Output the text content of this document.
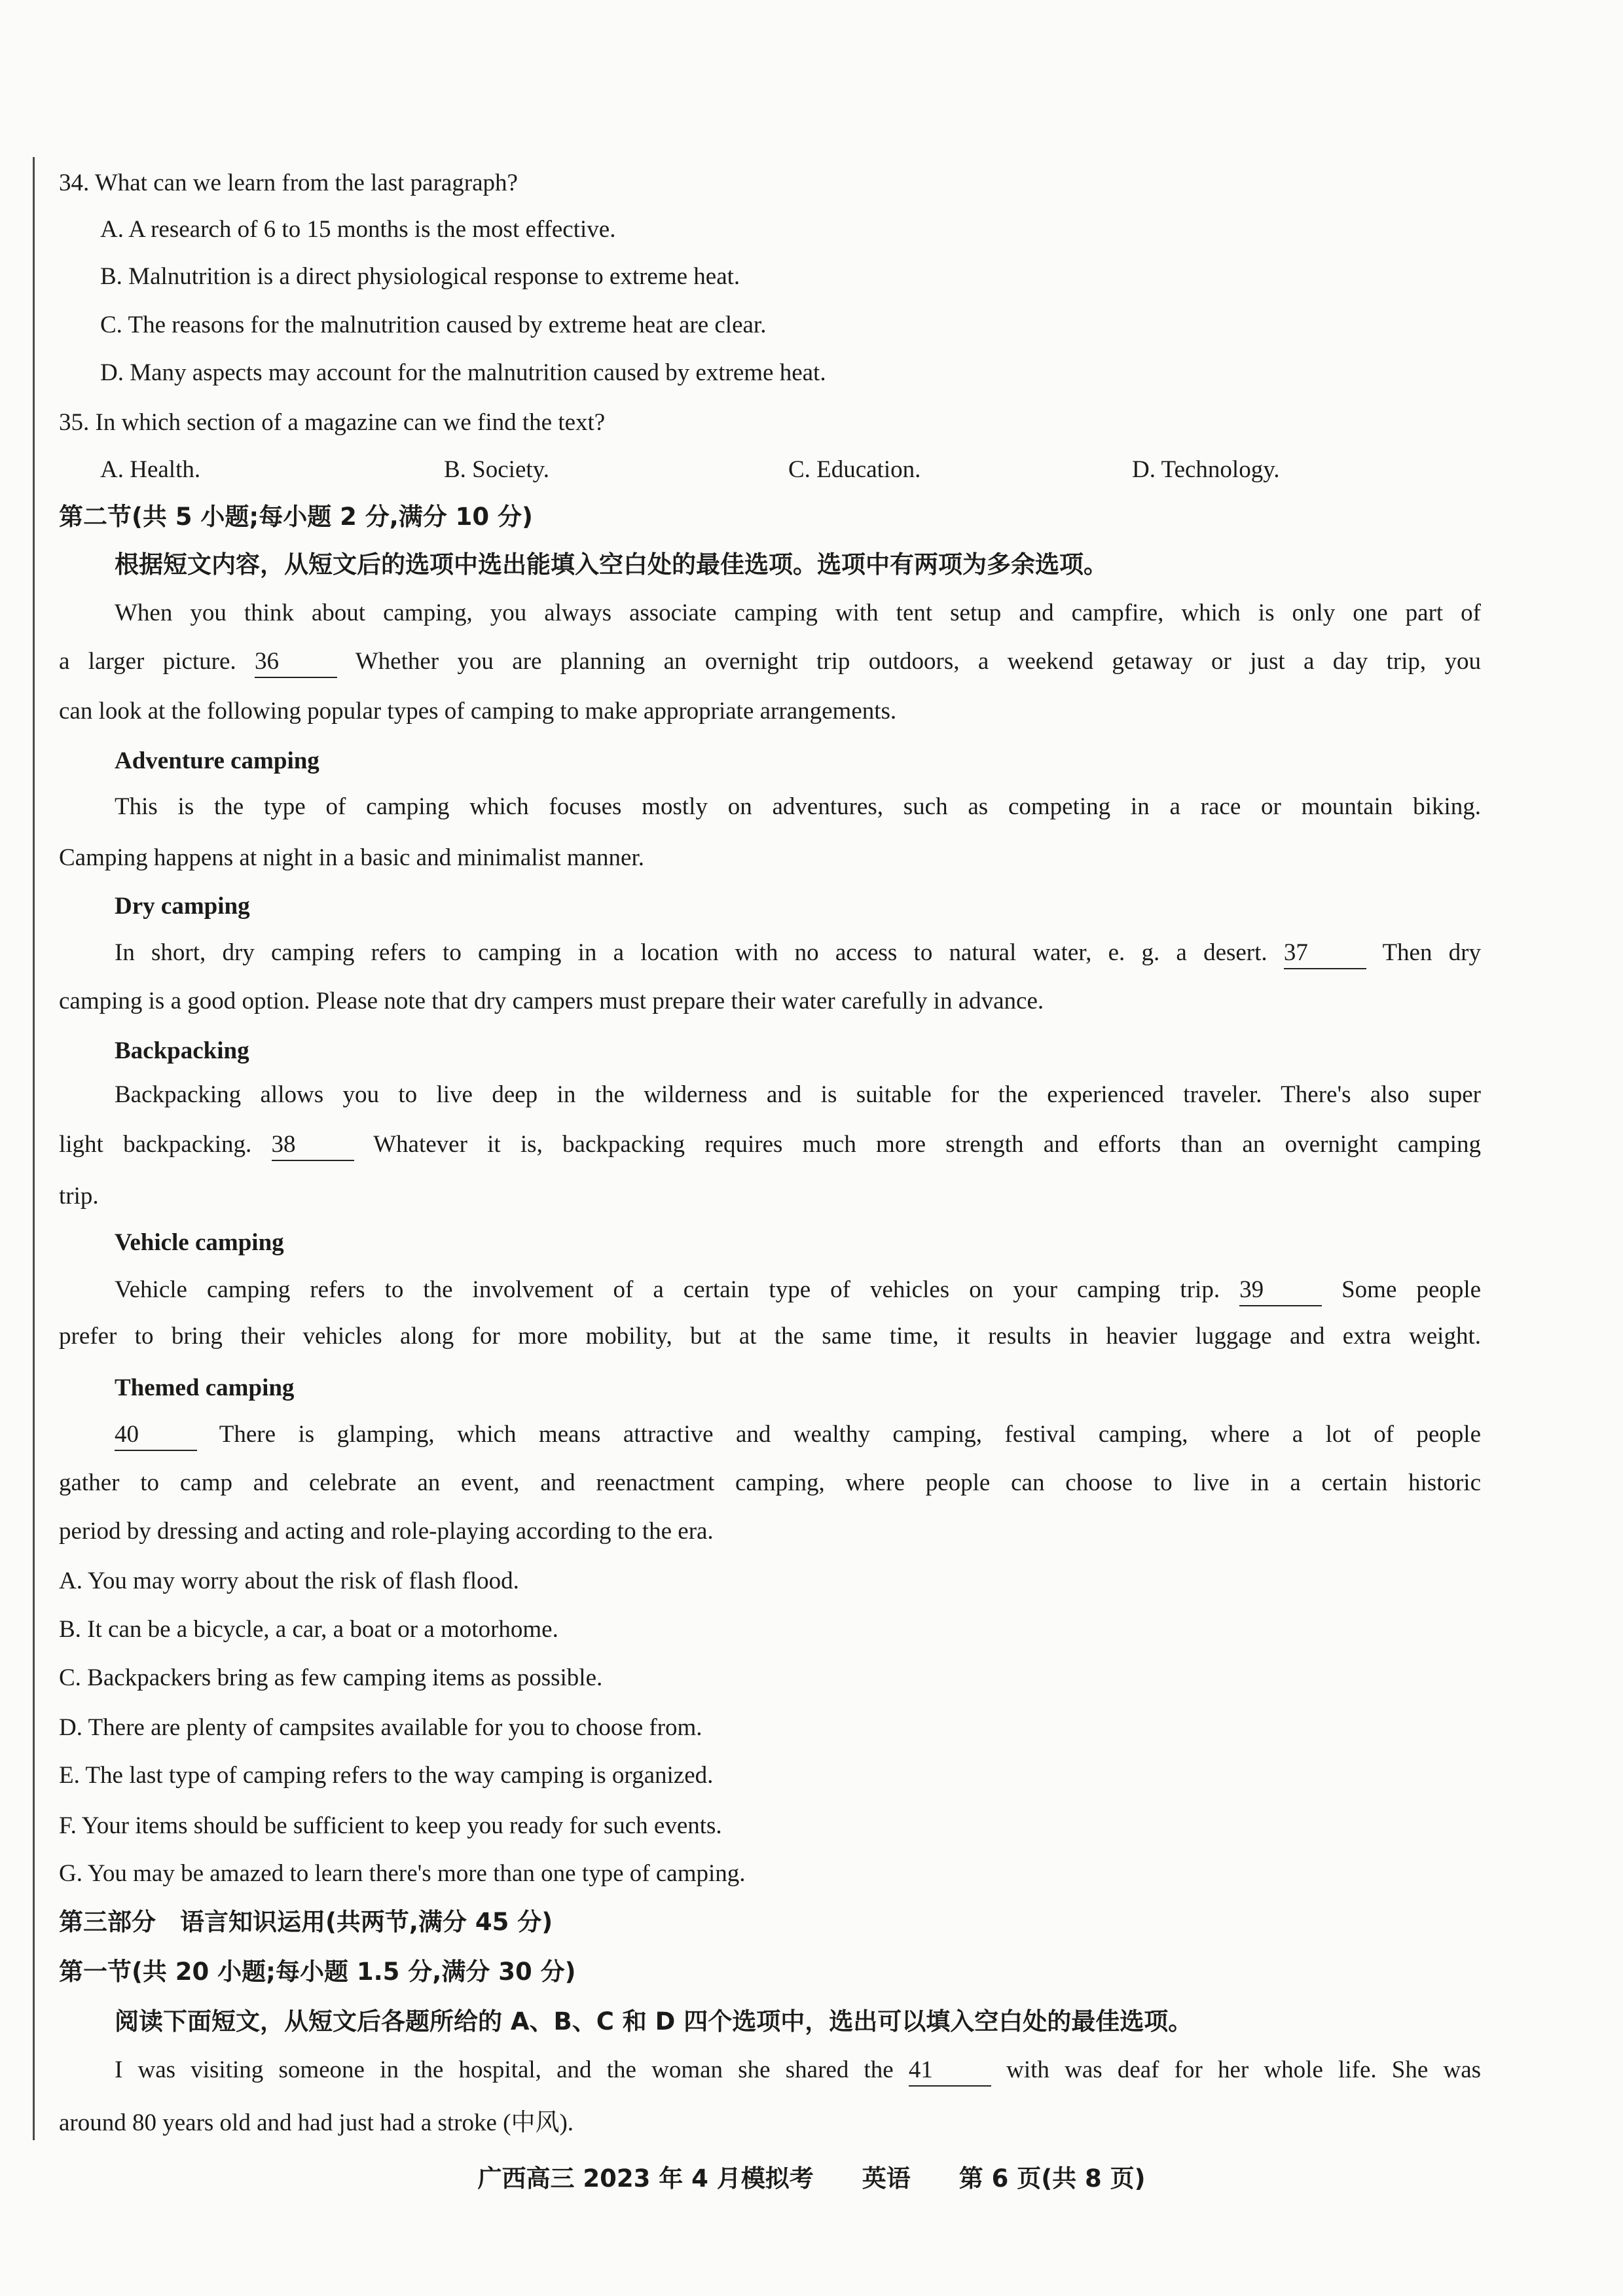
34. What can we learn from the last paragraph?
A. A research of 6 to 15 months is the most effective.
B. Malnutrition is a direct physiological response to extreme heat.
C. The reasons for the malnutrition caused by extreme heat are clear.
D. Many aspects may account for the malnutrition caused by extreme heat.
35. In which section of a magazine can we find the text?
A. Health.	B. Society.	C. Education.	D. Technology.
第二节(共 5 小题;每小题 2 分,满分 10 分)
根据短文内容，从短文后的选项中选出能填入空白处的最佳选项。选项中有两项为多余选项。
When you think about camping, you always associate camping with tent setup and campfire, which is only one part of
a larger picture. 36	Whether you are planning an overnight trip outdoors, a weekend getaway or just a day trip, you
can look at the following popular types of camping to make appropriate arrangements.
Adventure camping
This is the type of camping which focuses mostly on adventures, such as competing in a race or mountain biking.
Camping happens at night in a basic and minimalist manner.
Dry camping
In short, dry camping refers to camping in a location with no access to natural water, e. g. a desert. 37	Then dry
camping is a good option. Please note that dry campers must prepare their water carefully in advance.
Backpacking
Backpacking allows you to live deep in the wilderness and is suitable for the experienced traveler. There's also super
light backpacking. 38	Whatever it is, backpacking requires much more strength and efforts than an overnight camping
trip.
Vehicle camping
Vehicle camping refers to the involvement of a certain type of vehicles on your camping trip. 39	Some people
prefer to bring their vehicles along for more mobility, but at the same time, it results in heavier luggage and extra weight.
Themed camping
40	There is glamping, which means attractive and wealthy camping, festival camping, where a lot of people
gather to camp and celebrate an event, and reenactment camping, where people can choose to live in a certain historic
period by dressing and acting and role-playing according to the era.
A. You may worry about the risk of flash flood.
B. It can be a bicycle, a car, a boat or a motorhome.
C. Backpackers bring as few camping items as possible.
D. There are plenty of campsites available for you to choose from.
E. The last type of camping refers to the way camping is organized.
F. Your items should be sufficient to keep you ready for such events.
G. You may be amazed to learn there's more than one type of camping.
第三部分　语言知识运用(共两节,满分 45 分)
第一节(共 20 小题;每小题 1.5 分,满分 30 分)
阅读下面短文，从短文后各题所给的 A、B、C 和 D 四个选项中，选出可以填入空白处的最佳选项。
I was visiting someone in the hospital, and the woman she shared the 41	with was deaf for her whole life. She was
around 80 years old and had just had a stroke (中风).
广西高三 2023 年 4 月模拟考　　英语　　第 6 页(共 8 页)
